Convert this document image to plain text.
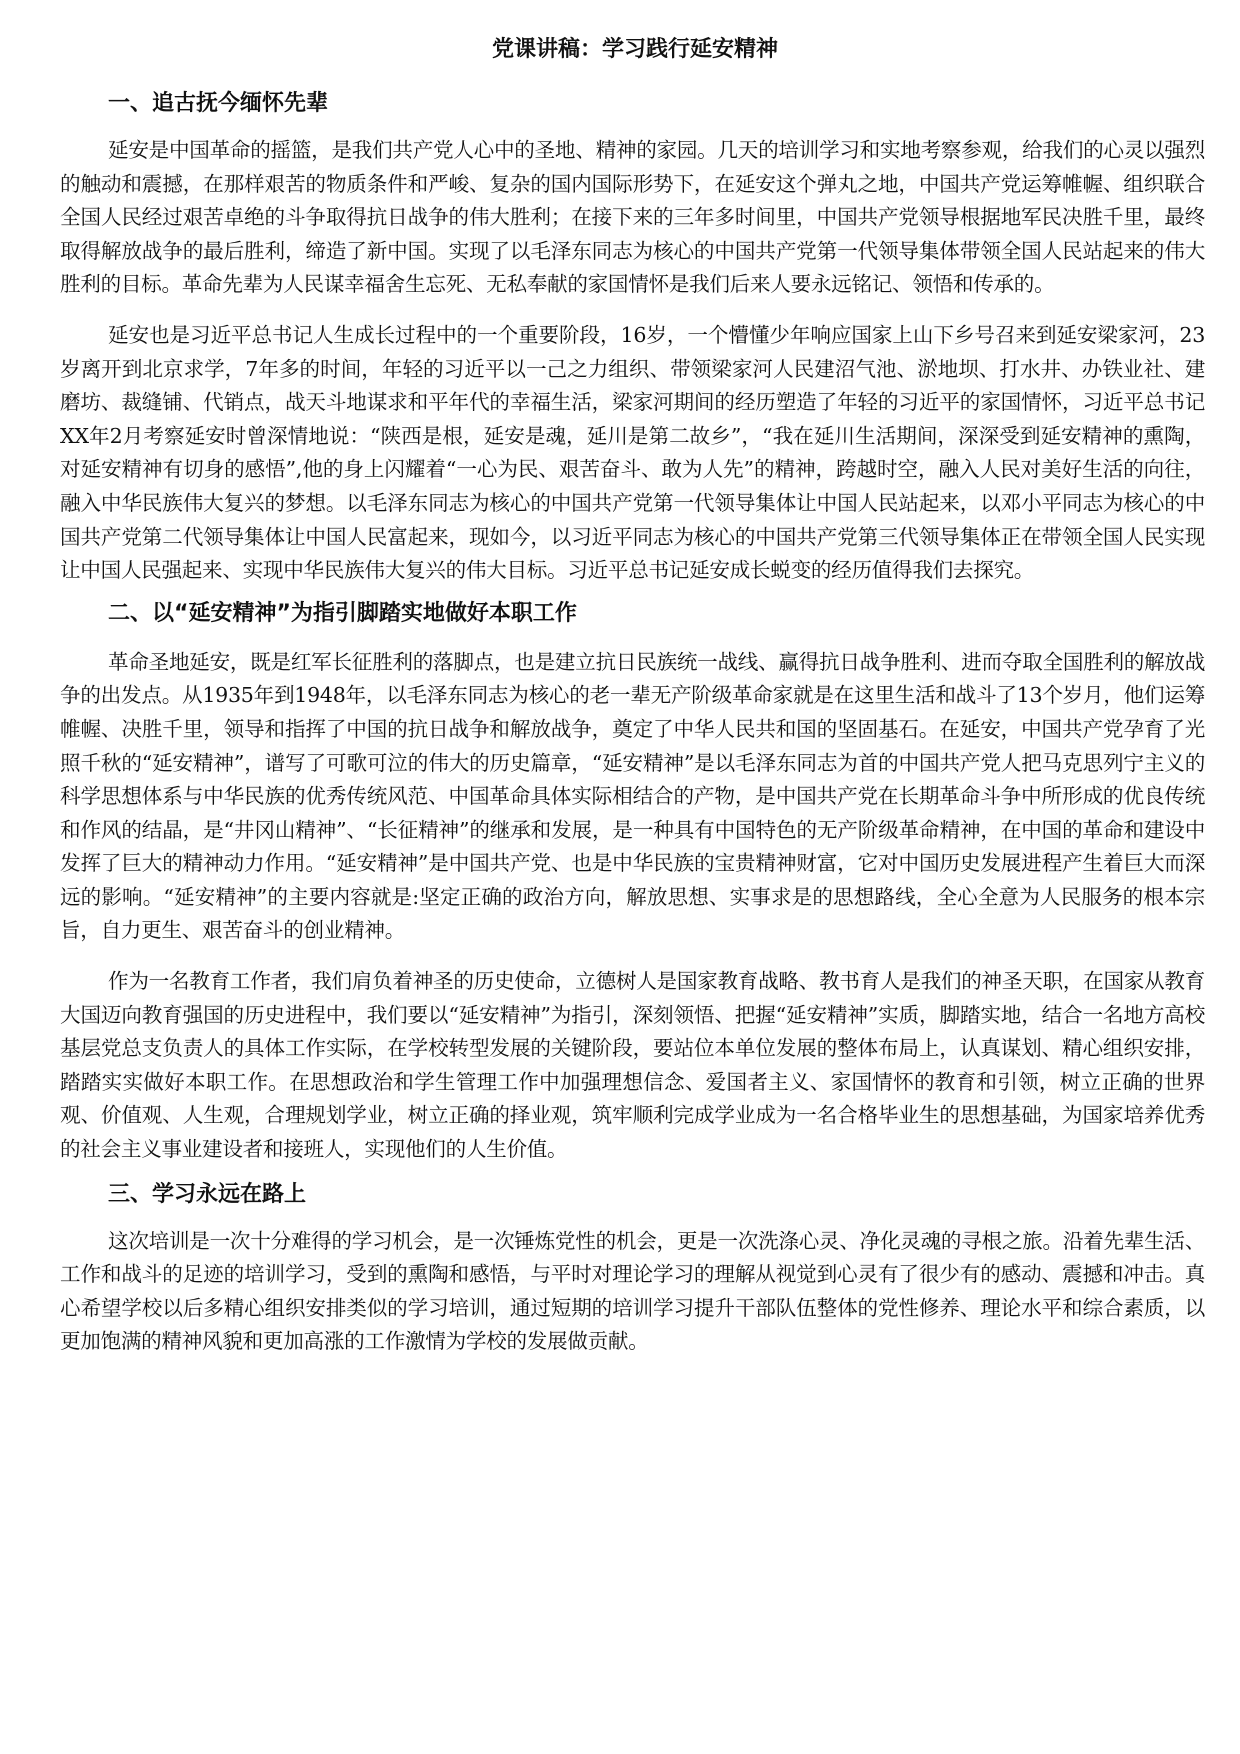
党课讲稿：学习践行延安精神
一、追古抚今缅怀先辈

延安是中国革命的摇篮，是我们共产党人心中的圣地、精神的家园。几天的培训学习和实地考察参观，给我们的心灵以强烈的触动和震撼，在那样艰苦的物质条件和严峻、复杂的国内国际形势下，在延安这个弹丸之地，中国共产党运筹帷幄、组织联合全国人民经过艰苦卓绝的斗争取得抗日战争的伟大胜利；在接下来的三年多时间里，中国共产党领导根据地军民决胜千里，最终取得解放战争的最后胜利，缔造了新中国。实现了以毛泽东同志为核心的中国共产党第一代领导集体带领全国人民站起来的伟大胜利的目标。革命先辈为人民谋幸福舍生忘死、无私奉献的家国情怀是我们后来人要永远铭记、领悟和传承的。

延安也是习近平总书记人生成长过程中的一个重要阶段，16岁，一个懵懂少年响应国家上山下乡号召来到延安梁家河，23岁离开到北京求学，7年多的时间，年轻的习近平以一己之力组织、带领梁家河人民建沼气池、淤地坝、打水井、办铁业社、建磨坊、裁缝铺、代销点，战天斗地谋求和平年代的幸福生活，梁家河期间的经历塑造了年轻的习近平的家国情怀，习近平总书记XX年2月考察延安时曾深情地说：“陕西是根，延安是魂，延川是第二故乡”，“我在延川生活期间，深深受到延安精神的熏陶，对延安精神有切身的感悟”,他的身上闪耀着“一心为民、艰苦奋斗、敢为人先”的精神，跨越时空，融入人民对美好生活的向往，融入中华民族伟大复兴的梦想。以毛泽东同志为核心的中国共产党第一代领导集体让中国人民站起来，以邓小平同志为核心的中国共产党第二代领导集体让中国人民富起来，现如今，以习近平同志为核心的中国共产党第三代领导集体正在带领全国人民实现让中国人民强起来、实现中华民族伟大复兴的伟大目标。习近平总书记延安成长蜕变的经历值得我们去探究。

二、以“延安精神”为指引脚踏实地做好本职工作

革命圣地延安，既是红军长征胜利的落脚点，也是建立抗日民族统一战线、赢得抗日战争胜利、进而夺取全国胜利的解放战争的出发点。从1935年到1948年，以毛泽东同志为核心的老一辈无产阶级革命家就是在这里生活和战斗了13个岁月，他们运筹帷幄、决胜千里，领导和指挥了中国的抗日战争和解放战争，奠定了中华人民共和国的坚固基石。在延安，中国共产党孕育了光照千秋的“延安精神”，谱写了可歌可泣的伟大的历史篇章，“延安精神”是以毛泽东同志为首的中国共产党人把马克思列宁主义的科学思想体系与中华民族的优秀传统风范、中国革命具体实际相结合的产物，是中国共产党在长期革命斗争中所形成的优良传统和作风的结晶，是“井冈山精神”、“长征精神”的继承和发展，是一种具有中国特色的无产阶级革命精神，在中国的革命和建设中发挥了巨大的精神动力作用。“延安精神”是中国共产党、也是中华民族的宝贵精神财富，它对中国历史发展进程产生着巨大而深远的影响。“延安精神”的主要内容就是:坚定正确的政治方向，解放思想、实事求是的思想路线，全心全意为人民服务的根本宗旨，自力更生、艰苦奋斗的创业精神。

作为一名教育工作者，我们肩负着神圣的历史使命，立德树人是国家教育战略、教书育人是我们的神圣天职，在国家从教育大国迈向教育强国的历史进程中，我们要以“延安精神”为指引，深刻领悟、把握“延安精神”实质，脚踏实地，结合一名地方高校基层党总支负责人的具体工作实际，在学校转型发展的关键阶段，要站位本单位发展的整体布局上，认真谋划、精心组织安排，踏踏实实做好本职工作。在思想政治和学生管理工作中加强理想信念、爱国者主义、家国情怀的教育和引领，树立正确的世界观、价值观、人生观，合理规划学业，树立正确的择业观，筑牢顺利完成学业成为一名合格毕业生的思想基础，为国家培养优秀的社会主义事业建设者和接班人，实现他们的人生价值。

三、学习永远在路上

这次培训是一次十分难得的学习机会，是一次锤炼党性的机会，更是一次洗涤心灵、净化灵魂的寻根之旅。沿着先辈生活、工作和战斗的足迹的培训学习，受到的熏陶和感悟，与平时对理论学习的理解从视觉到心灵有了很少有的感动、震撼和冲击。真心希望学校以后多精心组织安排类似的学习培训，通过短期的培训学习提升干部队伍整体的党性修养、理论水平和综合素质，以更加饱满的精神风貌和更加高涨的工作激情为学校的发展做贡献。
